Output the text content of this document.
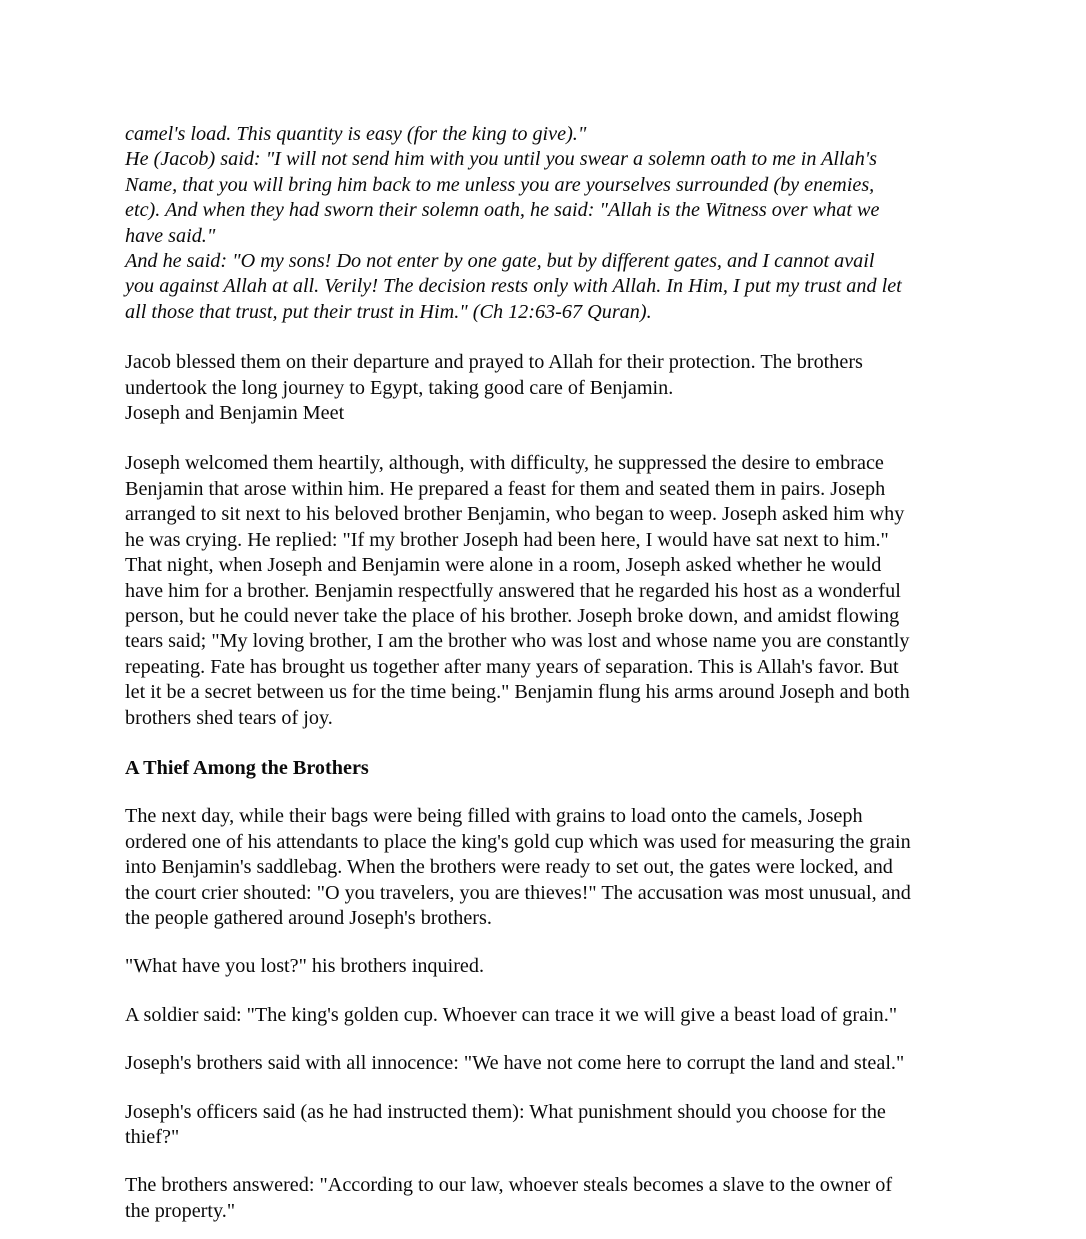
camel's load. This quantity is easy (for the king to give)."
He (Jacob) said: "I will not send him with you until you swear a solemn oath to me in Allah's
Name, that you will bring him back to me unless you are yourselves surrounded (by enemies,
etc). And when they had sworn their solemn oath, he said: "Allah is the Witness over what we
have said."
And he said: "O my sons! Do not enter by one gate, but by different gates, and I cannot avail
you against Allah at all. Verily! The decision rests only with Allah. In Him, I put my trust and let
all those that trust, put their trust in Him." (Ch 12:63-67 Quran).
Jacob blessed them on their departure and prayed to Allah for their protection. The brothers
undertook the long journey to Egypt, taking good care of Benjamin.
Joseph and Benjamin Meet
Joseph welcomed them heartily, although, with difficulty, he suppressed the desire to embrace
Benjamin that arose within him. He prepared a feast for them and seated them in pairs. Joseph
arranged to sit next to his beloved brother Benjamin, who began to weep. Joseph asked him why
he was crying. He replied: "If my brother Joseph had been here, I would have sat next to him."
That night, when Joseph and Benjamin were alone in a room, Joseph asked whether he would
have him for a brother. Benjamin respectfully answered that he regarded his host as a wonderful
person, but he could never take the place of his brother. Joseph broke down, and amidst flowing
tears said; "My loving brother, I am the brother who was lost and whose name you are constantly
repeating. Fate has brought us together after many years of separation. This is Allah's favor. But
let it be a secret between us for the time being." Benjamin flung his arms around Joseph and both
brothers shed tears of joy.
A Thief Among the Brothers
The next day, while their bags were being filled with grains to load onto the camels, Joseph
ordered one of his attendants to place the king's gold cup which was used for measuring the grain
into Benjamin's saddlebag. When the brothers were ready to set out, the gates were locked, and
the court crier shouted: "O you travelers, you are thieves!" The accusation was most unusual, and
the people gathered around Joseph's brothers.
"What have you lost?" his brothers inquired.
A soldier said: "The king's golden cup. Whoever can trace it we will give a beast load of grain."
Joseph's brothers said with all innocence: "We have not come here to corrupt the land and steal."
Joseph's officers said (as he had instructed them): What punishment should you choose for the
thief?"
The brothers answered: "According to our law, whoever steals becomes a slave to the owner of
the property."
